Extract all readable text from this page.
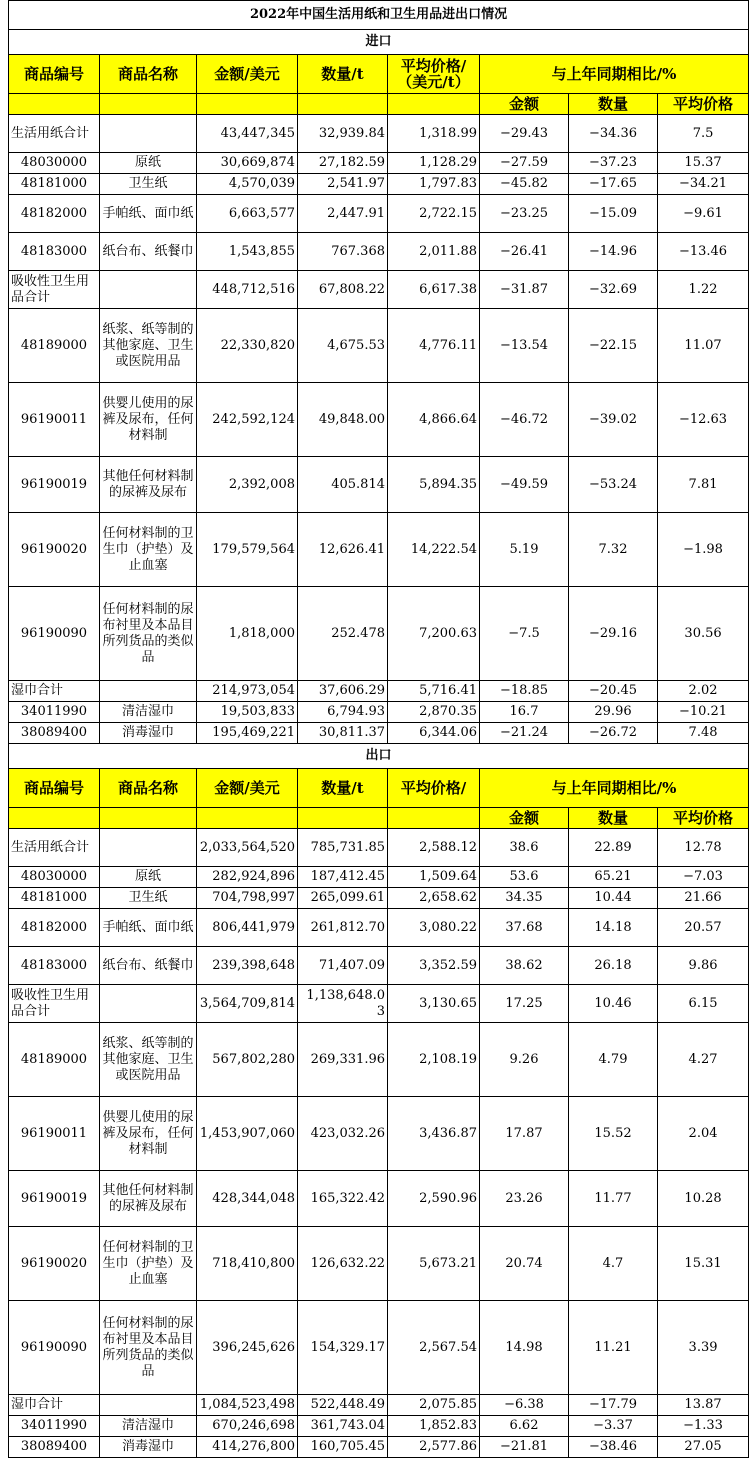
2022年中国生活用纸和卫生用品进出口情况							
进口							
商品编号	商品名称	金额/美元	数量/t	平均价格/（美元/t）	与上年同期相比/%		
					金额	数量	平均价格
生活用纸合计		43,447,345	32,939.84	1,318.99	−29.43	−34.36	7.5
48030000	原纸	30,669,874	27,182.59	1,128.29	−27.59	−37.23	15.37
48181000	卫生纸	4,570,039	2,541.97	1,797.83	−45.82	−17.65	−34.21
48182000	手帕纸、面巾纸	6,663,577	2,447.91	2,722.15	−23.25	−15.09	−9.61
48183000	纸台布、纸餐巾	1,543,855	767.368	2,011.88	−26.41	−14.96	−13.46
吸收性卫生用品合计		448,712,516	67,808.22	6,617.38	−31.87	−32.69	1.22
48189000	纸浆、纸等制的其他家庭、卫生或医院用品	22,330,820	4,675.53	4,776.11	−13.54	−22.15	11.07
96190011	供婴儿使用的尿裤及尿布，任何材料制	242,592,124	49,848.00	4,866.64	−46.72	−39.02	−12.63
96190019	其他任何材料制的尿裤及尿布	2,392,008	405.814	5,894.35	−49.59	−53.24	7.81
96190020	任何材料制的卫生巾（护垫）及止血塞	179,579,564	12,626.41	14,222.54	5.19	7.32	−1.98
96190090	任何材料制的尿布衬里及本品目所列货品的类似品	1,818,000	252.478	7,200.63	−7.5	−29.16	30.56
湿巾合计		214,973,054	37,606.29	5,716.41	−18.85	−20.45	2.02
34011990	清洁湿巾	19,503,833	6,794.93	2,870.35	16.7	29.96	−10.21
38089400	消毒湿巾	195,469,221	30,811.37	6,344.06	−21.24	−26.72	7.48
出口							
商品编号	商品名称	金额/美元	数量/t	平均价格/	与上年同期相比/%		
					金额	数量	平均价格
生活用纸合计		2,033,564,520	785,731.85	2,588.12	38.6	22.89	12.78
48030000	原纸	282,924,896	187,412.45	1,509.64	53.6	65.21	−7.03
48181000	卫生纸	704,798,997	265,099.61	2,658.62	34.35	10.44	21.66
48182000	手帕纸、面巾纸	806,441,979	261,812.70	3,080.22	37.68	14.18	20.57
48183000	纸台布、纸餐巾	239,398,648	71,407.09	3,352.59	38.62	26.18	9.86
吸收性卫生用品合计		3,564,709,814	1,138,648.03	3,130.65	17.25	10.46	6.15
48189000	纸浆、纸等制的其他家庭、卫生或医院用品	567,802,280	269,331.96	2,108.19	9.26	4.79	4.27
96190011	供婴儿使用的尿裤及尿布，任何材料制	1,453,907,060	423,032.26	3,436.87	17.87	15.52	2.04
96190019	其他任何材料制的尿裤及尿布	428,344,048	165,322.42	2,590.96	23.26	11.77	10.28
96190020	任何材料制的卫生巾（护垫）及止血塞	718,410,800	126,632.22	5,673.21	20.74	4.7	15.31
96190090	任何材料制的尿布衬里及本品目所列货品的类似品	396,245,626	154,329.17	2,567.54	14.98	11.21	3.39
湿巾合计		1,084,523,498	522,448.49	2,075.85	−6.38	−17.79	13.87
34011990	清洁湿巾	670,246,698	361,743.04	1,852.83	6.62	−3.37	−1.33
38089400	消毒湿巾	414,276,800	160,705.45	2,577.86	−21.81	−38.46	27.05
